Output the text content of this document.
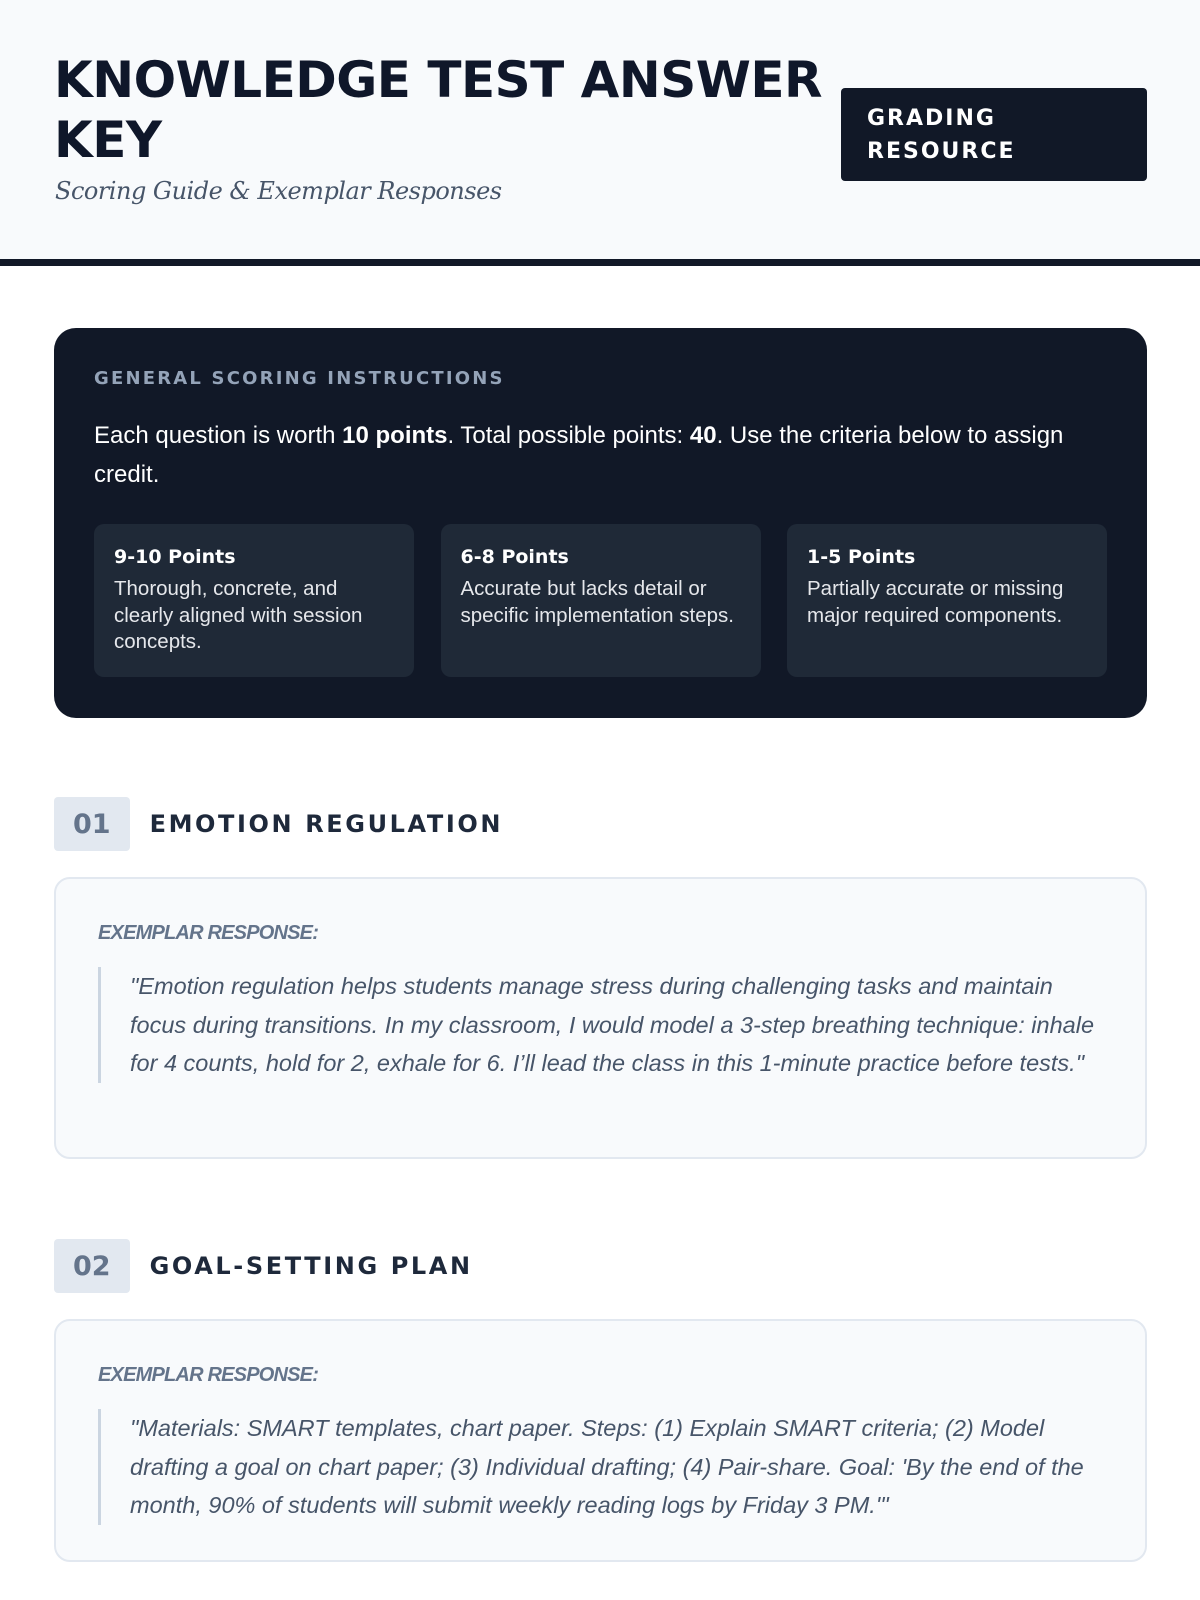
KNOWLEDGE TEST ANSWER KEY

Scoring Guide & Exemplar Responses

GRADING RESOURCE

GENERAL SCORING INSTRUCTIONS

Each question is worth 10 points. Total possible points: 40. Use the criteria below to assign credit.

9-10 Points

Thorough, concrete, and clearly aligned with session concepts.

6-8 Points

Accurate but lacks detail or specific implementation steps.

1-5 Points

Partially accurate or missing major required components.

01	EMOTION REGULATION

EXEMPLAR RESPONSE:

"Emotion regulation helps students manage stress during challenging tasks and maintain focus during transitions. In my classroom, I would model a 3-step breathing technique: inhale for 4 counts, hold for 2, exhale for 6. I’ll lead the class in this 1-minute practice before tests."

02	GOAL-SETTING PLAN

EXEMPLAR RESPONSE:

"Materials: SMART templates, chart paper. Steps: (1) Explain SMART criteria; (2) Model drafting a goal on chart paper; (3) Individual drafting; (4) Pair-share. Goal: 'By the end of the month, 90% of students will submit weekly reading logs by Friday 3 PM.'"
